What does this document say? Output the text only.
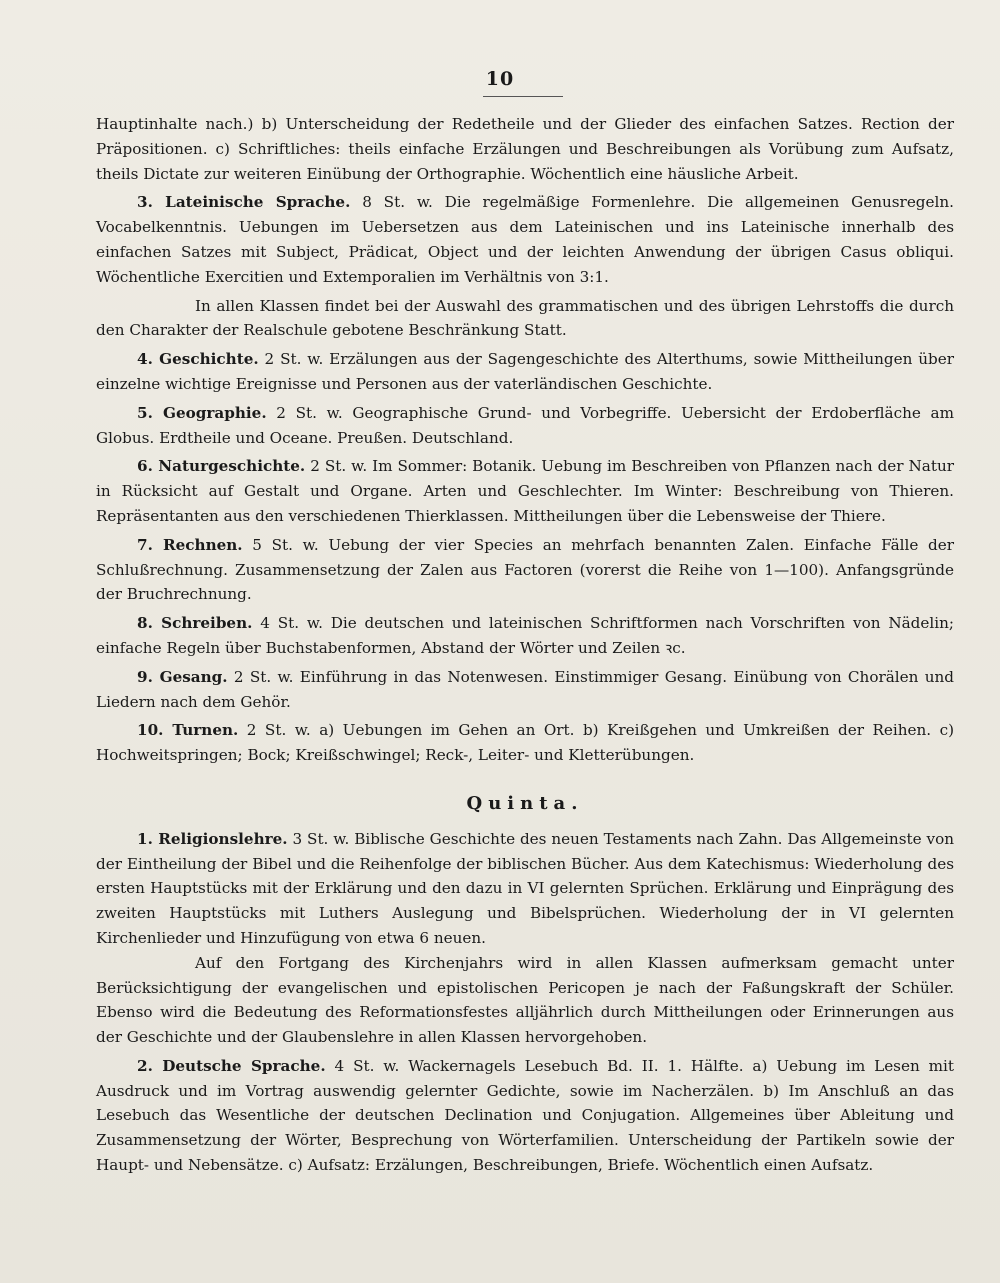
10

Hauptinhalte nach.) b) Unterscheidung der Redetheile und der Glieder des einfachen Satzes. Rection der Präpositionen. c) Schriftliches: theils einfache Erzälungen und Beschreibungen als Vorübung zum Aufsatz, theils Dictate zur weiteren Einübung der Orthographie. Wöchentlich eine häusliche Arbeit.

3. Lateinische Sprache. 8 St. w. Die regelmäßige Formenlehre. Die allgemeinen Genusregeln. Vocabelkenntnis. Uebungen im Uebersetzen aus dem Lateinischen und ins Lateinische innerhalb des einfachen Satzes mit Subject, Prädicat, Object und der leichten Anwendung der übrigen Casus obliqui. Wöchentliche Exercitien und Extemporalien im Verhältnis von 3:1.

In allen Klassen findet bei der Auswahl des grammatischen und des übrigen Lehrstoffs die durch den Charakter der Realschule gebotene Beschränkung Statt.

4. Geschichte. 2 St. w. Erzälungen aus der Sagengeschichte des Alterthums, sowie Mittheilungen über einzelne wichtige Ereignisse und Personen aus der vaterländischen Geschichte.

5. Geographie. 2 St. w. Geographische Grund- und Vorbegriffe. Uebersicht der Erdoberfläche am Globus. Erdtheile und Oceane. Preußen. Deutschland.

6. Naturgeschichte. 2 St. w. Im Sommer: Botanik. Uebung im Beschreiben von Pflanzen nach der Natur in Rücksicht auf Gestalt und Organe. Arten und Geschlechter. Im Winter: Beschreibung von Thieren. Repräsentanten aus den verschiedenen Thierklassen. Mittheilungen über die Lebensweise der Thiere.

7. Rechnen. 5 St. w. Uebung der vier Species an mehrfach benannten Zalen. Einfache Fälle der Schlußrechnung. Zusammensetzung der Zalen aus Factoren (vorerst die Reihe von 1—100). Anfangsgründe der Bruchrechnung.

8. Schreiben. 4 St. w. Die deutschen und lateinischen Schriftformen nach Vorschriften von Nädelin; einfache Regeln über Buchstabenformen, Abstand der Wörter und Zeilen ꝛc.

9. Gesang. 2 St. w. Einführung in das Notenwesen. Einstimmiger Gesang. Einübung von Chorälen und Liedern nach dem Gehör.

10. Turnen. 2 St. w. a) Uebungen im Gehen an Ort. b) Kreißgehen und Umkreißen der Reihen. c) Hochweitspringen; Bock; Kreißschwingel; Reck-, Leiter- und Kletterübungen.

Quinta.

1. Religionslehre. 3 St. w. Biblische Geschichte des neuen Testaments nach Zahn. Das Allgemeinste von der Eintheilung der Bibel und die Reihenfolge der biblischen Bücher. Aus dem Katechismus: Wiederholung des ersten Hauptstücks mit der Erklärung und den dazu in VI gelernten Sprüchen. Erklärung und Einprägung des zweiten Hauptstücks mit Luthers Auslegung und Bibelsprüchen. Wiederholung der in VI gelernten Kirchenlieder und Hinzufügung von etwa 6 neuen.

Auf den Fortgang des Kirchenjahrs wird in allen Klassen aufmerksam gemacht unter Berücksichtigung der evangelischen und epistolischen Pericopen je nach der Faßungskraft der Schüler. Ebenso wird die Bedeutung des Reformationsfestes alljährlich durch Mittheilungen oder Erinnerungen aus der Geschichte und der Glaubenslehre in allen Klassen hervorgehoben.

2. Deutsche Sprache. 4 St. w. Wackernagels Lesebuch Bd. II. 1. Hälfte. a) Uebung im Lesen mit Ausdruck und im Vortrag auswendig gelernter Gedichte, sowie im Nacherzälen. b) Im Anschluß an das Lesebuch das Wesentliche der deutschen Declination und Conjugation. Allgemeines über Ableitung und Zusammensetzung der Wörter, Besprechung von Wörterfamilien. Unterscheidung der Partikeln sowie der Haupt- und Nebensätze. c) Aufsatz: Erzälungen, Beschreibungen, Briefe. Wöchentlich einen Aufsatz.
